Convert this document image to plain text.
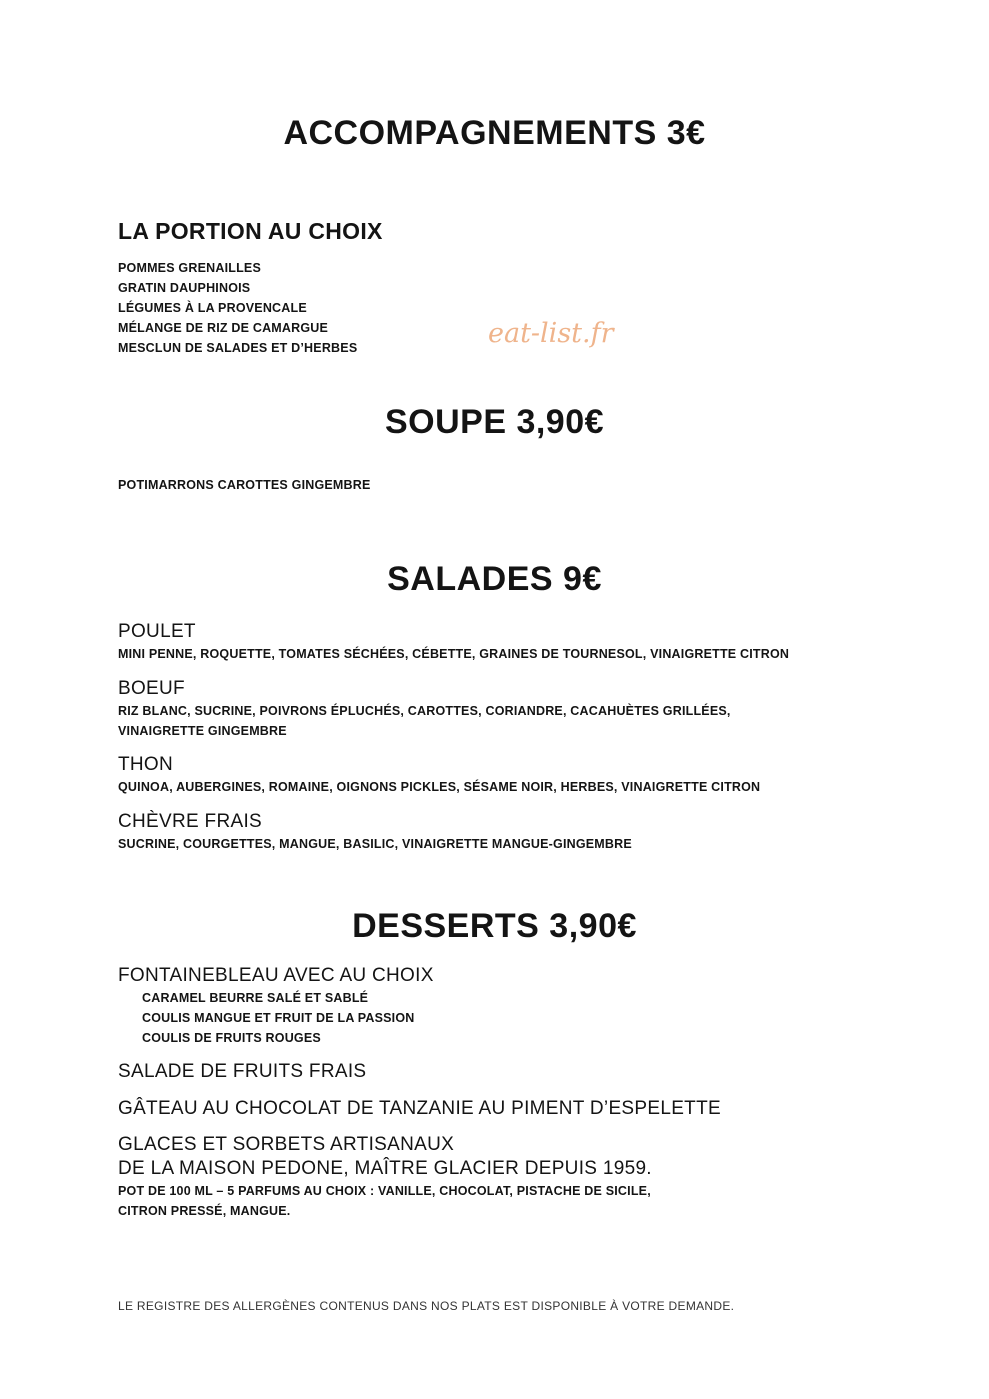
ACCOMPAGNEMENTS 3€
LA PORTION AU CHOIX
POMMES GRENAILLES
GRATIN DAUPHINOIS
LÉGUMES À LA PROVENCALE
MÉLANGE DE RIZ DE CAMARGUE
MESCLUN DE SALADES ET D’HERBES	eat-list.fr
SOUPE 3,90€
POTIMARRONS CAROTTES GINGEMBRE
SALADES 9€
POULET
MINI PENNE, ROQUETTE, TOMATES SÉCHÉES, CÉBETTE, GRAINES DE TOURNESOL, VINAIGRETTE CITRON
BOEUF
RIZ BLANC, SUCRINE, POIVRONS ÉPLUCHÉS, CAROTTES, CORIANDRE, CACAHUÈTES GRILLÉES,
VINAIGRETTE GINGEMBRE
THON
QUINOA, AUBERGINES, ROMAINE, OIGNONS PICKLES, SÉSAME NOIR, HERBES, VINAIGRETTE CITRON
CHÈVRE FRAIS
SUCRINE, COURGETTES, MANGUE, BASILIC, VINAIGRETTE MANGUE-GINGEMBRE
DESSERTS 3,90€
FONTAINEBLEAU AVEC AU CHOIX
CARAMEL BEURRE SALÉ ET SABLÉ
COULIS MANGUE ET FRUIT DE LA PASSION
COULIS DE FRUITS ROUGES
SALADE DE FRUITS FRAIS
GÂTEAU AU CHOCOLAT DE TANZANIE AU PIMENT D’ESPELETTE
GLACES ET SORBETS ARTISANAUX
DE LA MAISON PEDONE, MAÎTRE GLACIER DEPUIS 1959.
POT DE 100 ML – 5 PARFUMS AU CHOIX : VANILLE, CHOCOLAT, PISTACHE DE SICILE,
CITRON PRESSÉ, MANGUE.
LE REGISTRE DES ALLERGÈNES CONTENUS DANS NOS PLATS EST DISPONIBLE À VOTRE DEMANDE.
